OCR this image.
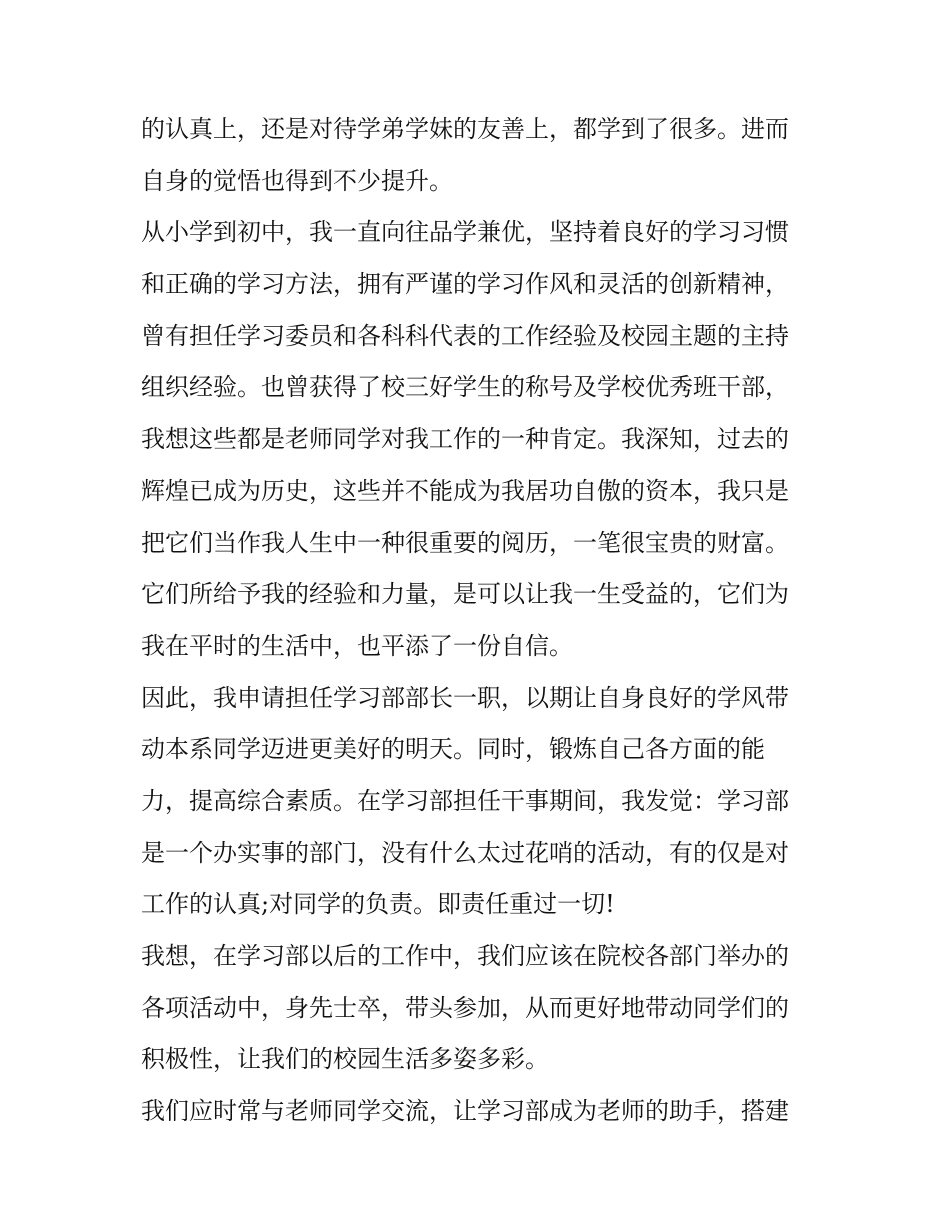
的认真上，还是对待学弟学妹的友善上，都学到了很多。进而
自身的觉悟也得到不少提升。
从小学到初中，我一直向往品学兼优，坚持着良好的学习习惯
和正确的学习方法，拥有严谨的学习作风和灵活的创新精神，
曾有担任学习委员和各科科代表的工作经验及校园主题的主持
组织经验。也曾获得了校三好学生的称号及学校优秀班干部，
我想这些都是老师同学对我工作的一种肯定。我深知，过去的
辉煌已成为历史，这些并不能成为我居功自傲的资本，我只是
把它们当作我人生中一种很重要的阅历，一笔很宝贵的财富。
它们所给予我的经验和力量，是可以让我一生受益的，它们为
我在平时的生活中，也平添了一份自信。
因此，我申请担任学习部部长一职，以期让自身良好的学风带
动本系同学迈进更美好的明天。同时，锻炼自己各方面的能
力，提高综合素质。在学习部担任干事期间，我发觉：学习部
是一个办实事的部门，没有什么太过花哨的活动，有的仅是对
工作的认真;对同学的负责。即责任重过一切!
我想，在学习部以后的工作中，我们应该在院校各部门举办的
各项活动中，身先士卒，带头参加，从而更好地带动同学们的
积极性，让我们的校园生活多姿多彩。
我们应时常与老师同学交流，让学习部成为老师的助手，搭建
